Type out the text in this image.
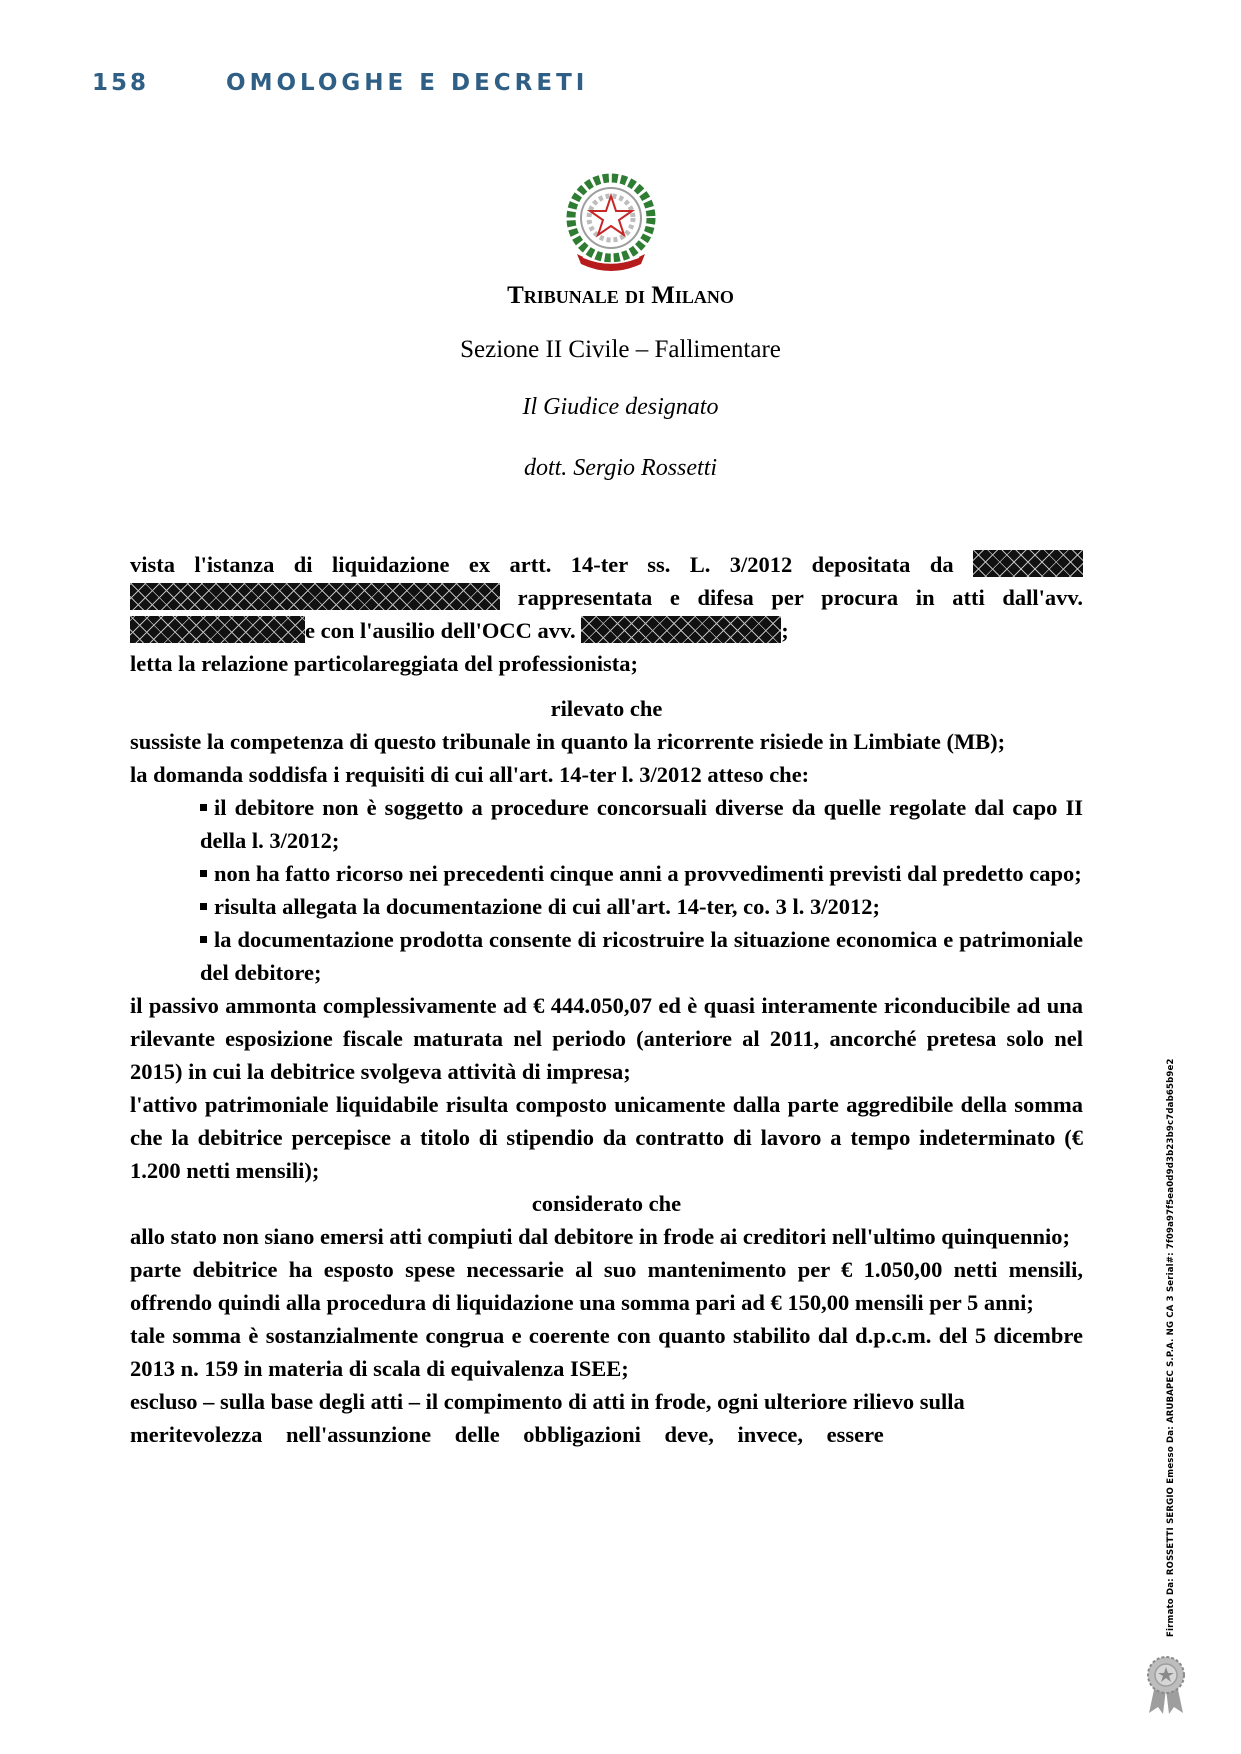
158	OMOLOGHE E DECRETI
Tribunale di Milano
Sezione II Civile – Fallimentare
Il Giudice designato
dott. Sergio Rossetti
vista l'istanza di liquidazione ex artt. 14-ter ss. L. 3/2012 depositata da   rappresentata e difesa per procura in atti dall'avv. e con l'ausilio dell'OCC avv.	;
letta la relazione particolareggiata del professionista;
rilevato che
sussiste la competenza di questo tribunale in quanto la ricorrente risiede in Limbiate (MB);
la domanda soddisfa i requisiti di cui all'art. 14-ter l. 3/2012 atteso che:
il debitore non è soggetto a procedure concorsuali diverse da quelle regolate dal capo II della l. 3/2012;
non ha fatto ricorso nei precedenti cinque anni a provvedimenti previsti dal predetto capo;
risulta allegata la documentazione di cui all'art. 14-ter, co. 3 l. 3/2012;
la documentazione prodotta consente di ricostruire la situazione economica e patrimoniale del debitore;
il passivo ammonta complessivamente ad € 444.050,07 ed è quasi interamente riconducibile ad una rilevante esposizione fiscale maturata nel periodo (anteriore al 2011, ancorché pretesa solo nel 2015) in cui la debitrice svolgeva attività di impresa;
l'attivo patrimoniale liquidabile risulta composto unicamente dalla parte aggredibile della somma che la debitrice percepisce a titolo di stipendio da contratto di lavoro a tempo indeterminato (€ 1.200 netti mensili);
considerato che
allo stato non siano emersi atti compiuti dal debitore in frode ai creditori nell'ultimo quinquennio;
parte debitrice ha esposto spese necessarie al suo mantenimento per € 1.050,00 netti mensili, offrendo quindi alla procedura di liquidazione una somma pari ad € 150,00 mensili per 5 anni;
tale somma è sostanzialmente congrua e coerente con quanto stabilito dal d.p.c.m. del 5 dicembre 2013 n. 159 in materia di scala di equivalenza ISEE;
escluso – sulla base degli atti – il compimento di atti in frode, ogni ulteriore rilievo sulla
meritevolezza nell'assunzione delle obbligazioni deve, invece, essere	Firmato Da: ROSSETTI SERGIO Emesso Da: ARUBAPEC S.P.A. NG CA 3 Serial#: 7f09a97f5ea0d9d3b23b9c7dab65b9e2
